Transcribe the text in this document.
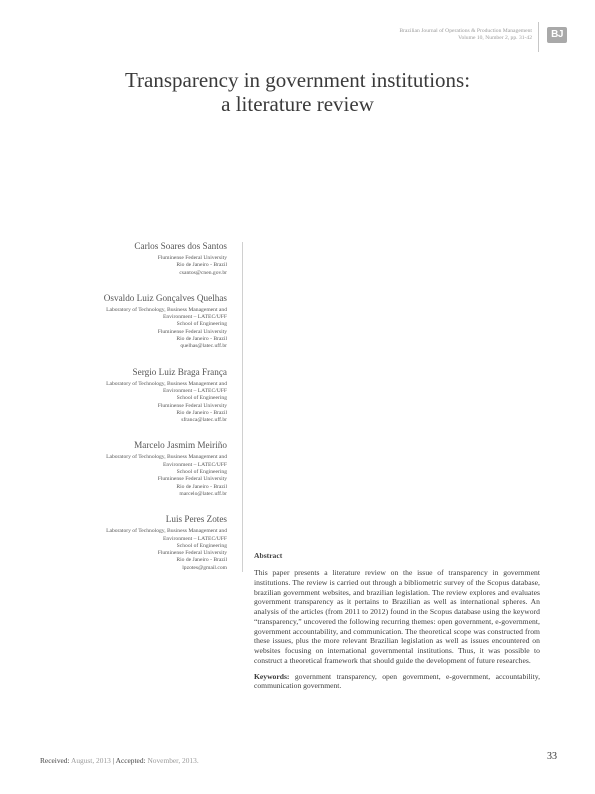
Brazilian Journal of Operations & Production Management
Volume 10, Number 2, pp. 31-42	BJ
Transparency in government institutions:
a literature review
Carlos Soares dos Santos
Fluminense Federal University
Rio de Janeiro - Brazil
csantos@cnen.gov.br
Osvaldo Luiz Gonçalves Quelhas
Laboratory of Technology, Business Management and
Environment – LATEC/UFF
School of Engineering
Fluminense Federal University
Rio de Janeiro - Brazil
quelhas@latec.uff.br
Sergio Luiz Braga França
Laboratory of Technology, Business Management and
Environment – LATEC/UFF
School of Engineering
Fluminense Federal University
Rio de Janeiro - Brazil
sfranca@latec.uff.br
Marcelo Jasmim Meiriño
Laboratory of Technology, Business Management and
Environment – LATEC/UFF
School of Engineering
Fluminense Federal University
Rio de Janeiro - Brazil
marcelo@latec.uff.br
Luis Peres Zotes
Laboratory of Technology, Business Management and
Environment – LATEC/UFF
School of Engineering
Fluminense Federal University
Rio de Janeiro - Brazil
lpzotes@gmail.com
Abstract
This paper presents a literature review on the issue of transparency in government institutions. The review is carried out through a bibliometric survey of the Scopus database, brazilian government websites, and brazilian legislation. The review explores and evaluates government transparency as it pertains to Brazilian as well as international spheres. An analysis of the articles (from 2011 to 2012) found in the Scopus database using the keyword “transparency,” uncovered the following recurring themes: open government, e-government, government accountability, and communication. The theoretical scope was constructed from these issues, plus the more relevant Brazilian legislation as well as issues encountered on websites focusing on international governmental institutions. Thus, it was possible to construct a theoretical framework that should guide the development of future researches.
Keywords: government transparency, open government, e-government, accountability, communication government.
Received: August, 2013 | Accepted: November, 2013.	33
